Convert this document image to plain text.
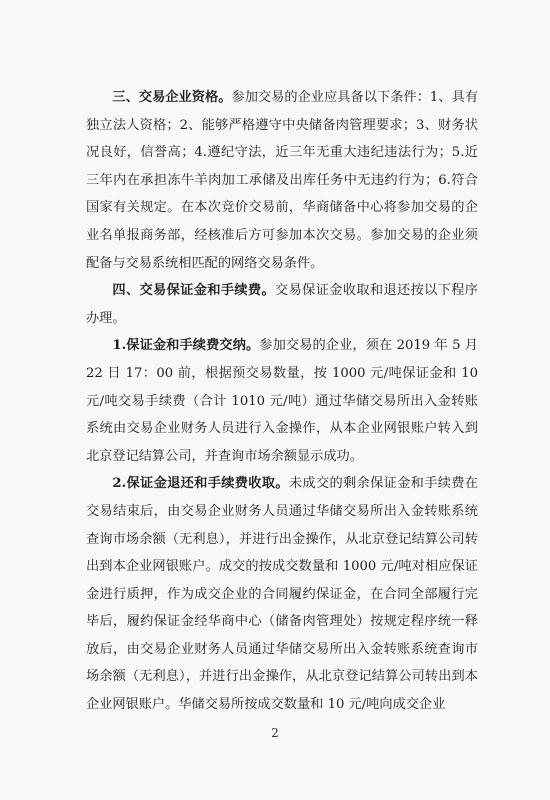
三、交易企业资格。参加交易的企业应具备以下条件：1、具有独立法人资格；2、能够严格遵守中央储备肉管理要求；3、财务状况良好，信誉高；4.遵纪守法，近三年无重大违纪违法行为；5.近三年内在承担冻牛羊肉加工承储及出库任务中无违约行为；6.符合国家有关规定。在本次竞价交易前，华商储备中心将参加交易的企业名单报商务部，经核准后方可参加本次交易。参加交易的企业须配备与交易系统相匹配的网络交易条件。

四、交易保证金和手续费。交易保证金收取和退还按以下程序办理。

1.保证金和手续费交纳。参加交易的企业，须在 2019 年 5 月 22 日 17：00 前，根据预交易数量，按 1000 元/吨保证金和 10 元/吨交易手续费（合计 1010 元/吨）通过华储交易所出入金转账系统由交易企业财务人员进行入金操作，从本企业网银账户转入到北京登记结算公司，并查询市场余额显示成功。

2.保证金退还和手续费收取。未成交的剩余保证金和手续费在交易结束后，由交易企业财务人员通过华储交易所出入金转账系统查询市场余额（无利息），并进行出金操作，从北京登记结算公司转出到本企业网银账户。成交的按成交数量和 1000 元/吨对相应保证金进行质押，作为成交企业的合同履约保证金，在合同全部履行完毕后，履约保证金经华商中心（储备肉管理处）按规定程序统一释放后，由交易企业财务人员通过华储交易所出入金转账系统查询市场余额（无利息），并进行出金操作，从北京登记结算公司转出到本企业网银账户。华储交易所按成交数量和 10 元/吨向成交企业

2
